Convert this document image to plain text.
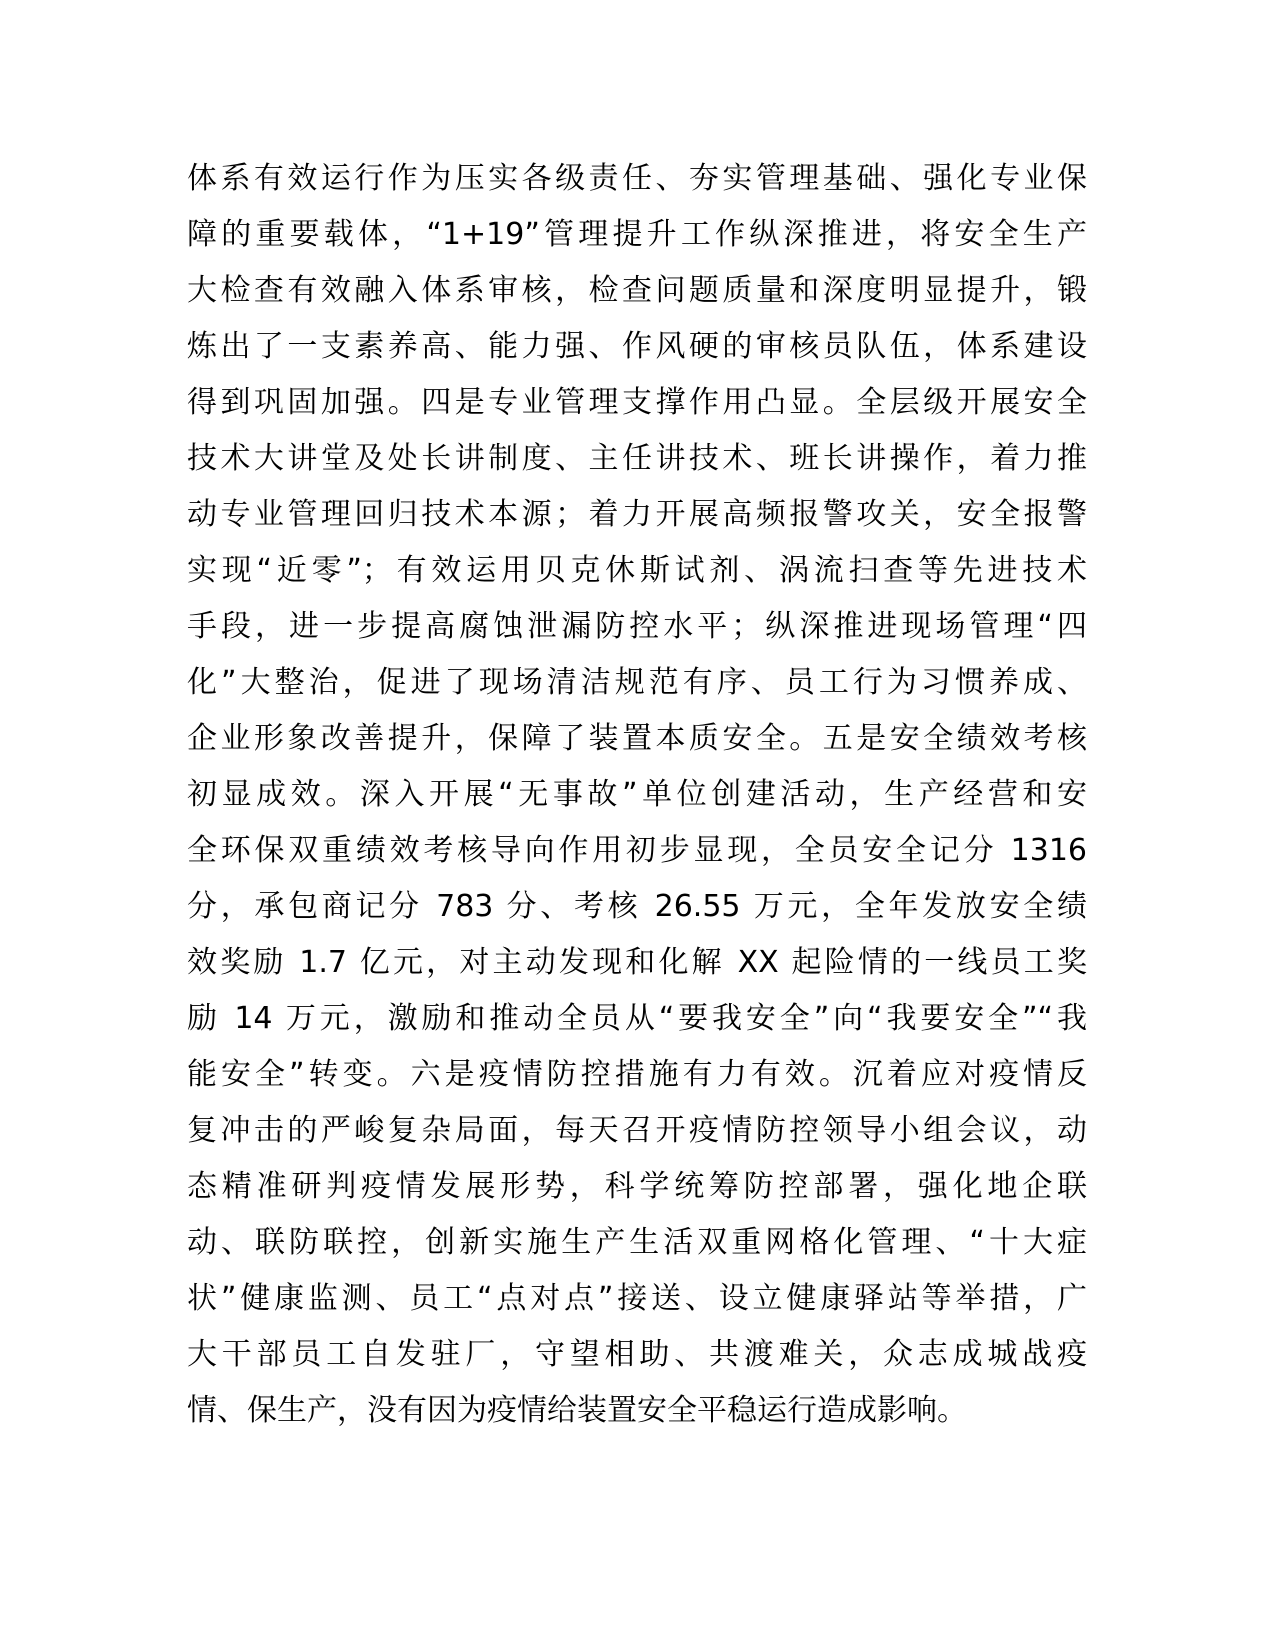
体系有效运行作为压实各级责任、夯实管理基础、强化专业保

障的重要载体，“1+19”管理提升工作纵深推进，将安全生产

大检查有效融入体系审核，检查问题质量和深度明显提升，锻

炼出了一支素养高、能力强、作风硬的审核员队伍，体系建设

得到巩固加强。四是专业管理支撑作用凸显。全层级开展安全

技术大讲堂及处长讲制度、主任讲技术、班长讲操作，着力推

动专业管理回归技术本源；着力开展高频报警攻关，安全报警

实现“近零”；有效运用贝克休斯试剂、涡流扫查等先进技术

手段，进一步提高腐蚀泄漏防控水平；纵深推进现场管理“四

化”大整治，促进了现场清洁规范有序、员工行为习惯养成、

企业形象改善提升，保障了装置本质安全。五是安全绩效考核

初显成效。深入开展“无事故”单位创建活动，生产经营和安

全环保双重绩效考核导向作用初步显现，全员安全记分 1316

分，承包商记分 783 分、考核 26.55 万元，全年发放安全绩

效奖励 1.7 亿元，对主动发现和化解 XX 起险情的一线员工奖

励 14 万元，激励和推动全员从“要我安全”向“我要安全”“我

能安全”转变。六是疫情防控措施有力有效。沉着应对疫情反

复冲击的严峻复杂局面，每天召开疫情防控领导小组会议，动

态精准研判疫情发展形势，科学统筹防控部署，强化地企联

动、联防联控，创新实施生产生活双重网格化管理、“十大症

状”健康监测、员工“点对点”接送、设立健康驿站等举措，广

大干部员工自发驻厂，守望相助、共渡难关，众志成城战疫

情、保生产，没有因为疫情给装置安全平稳运行造成影响。
